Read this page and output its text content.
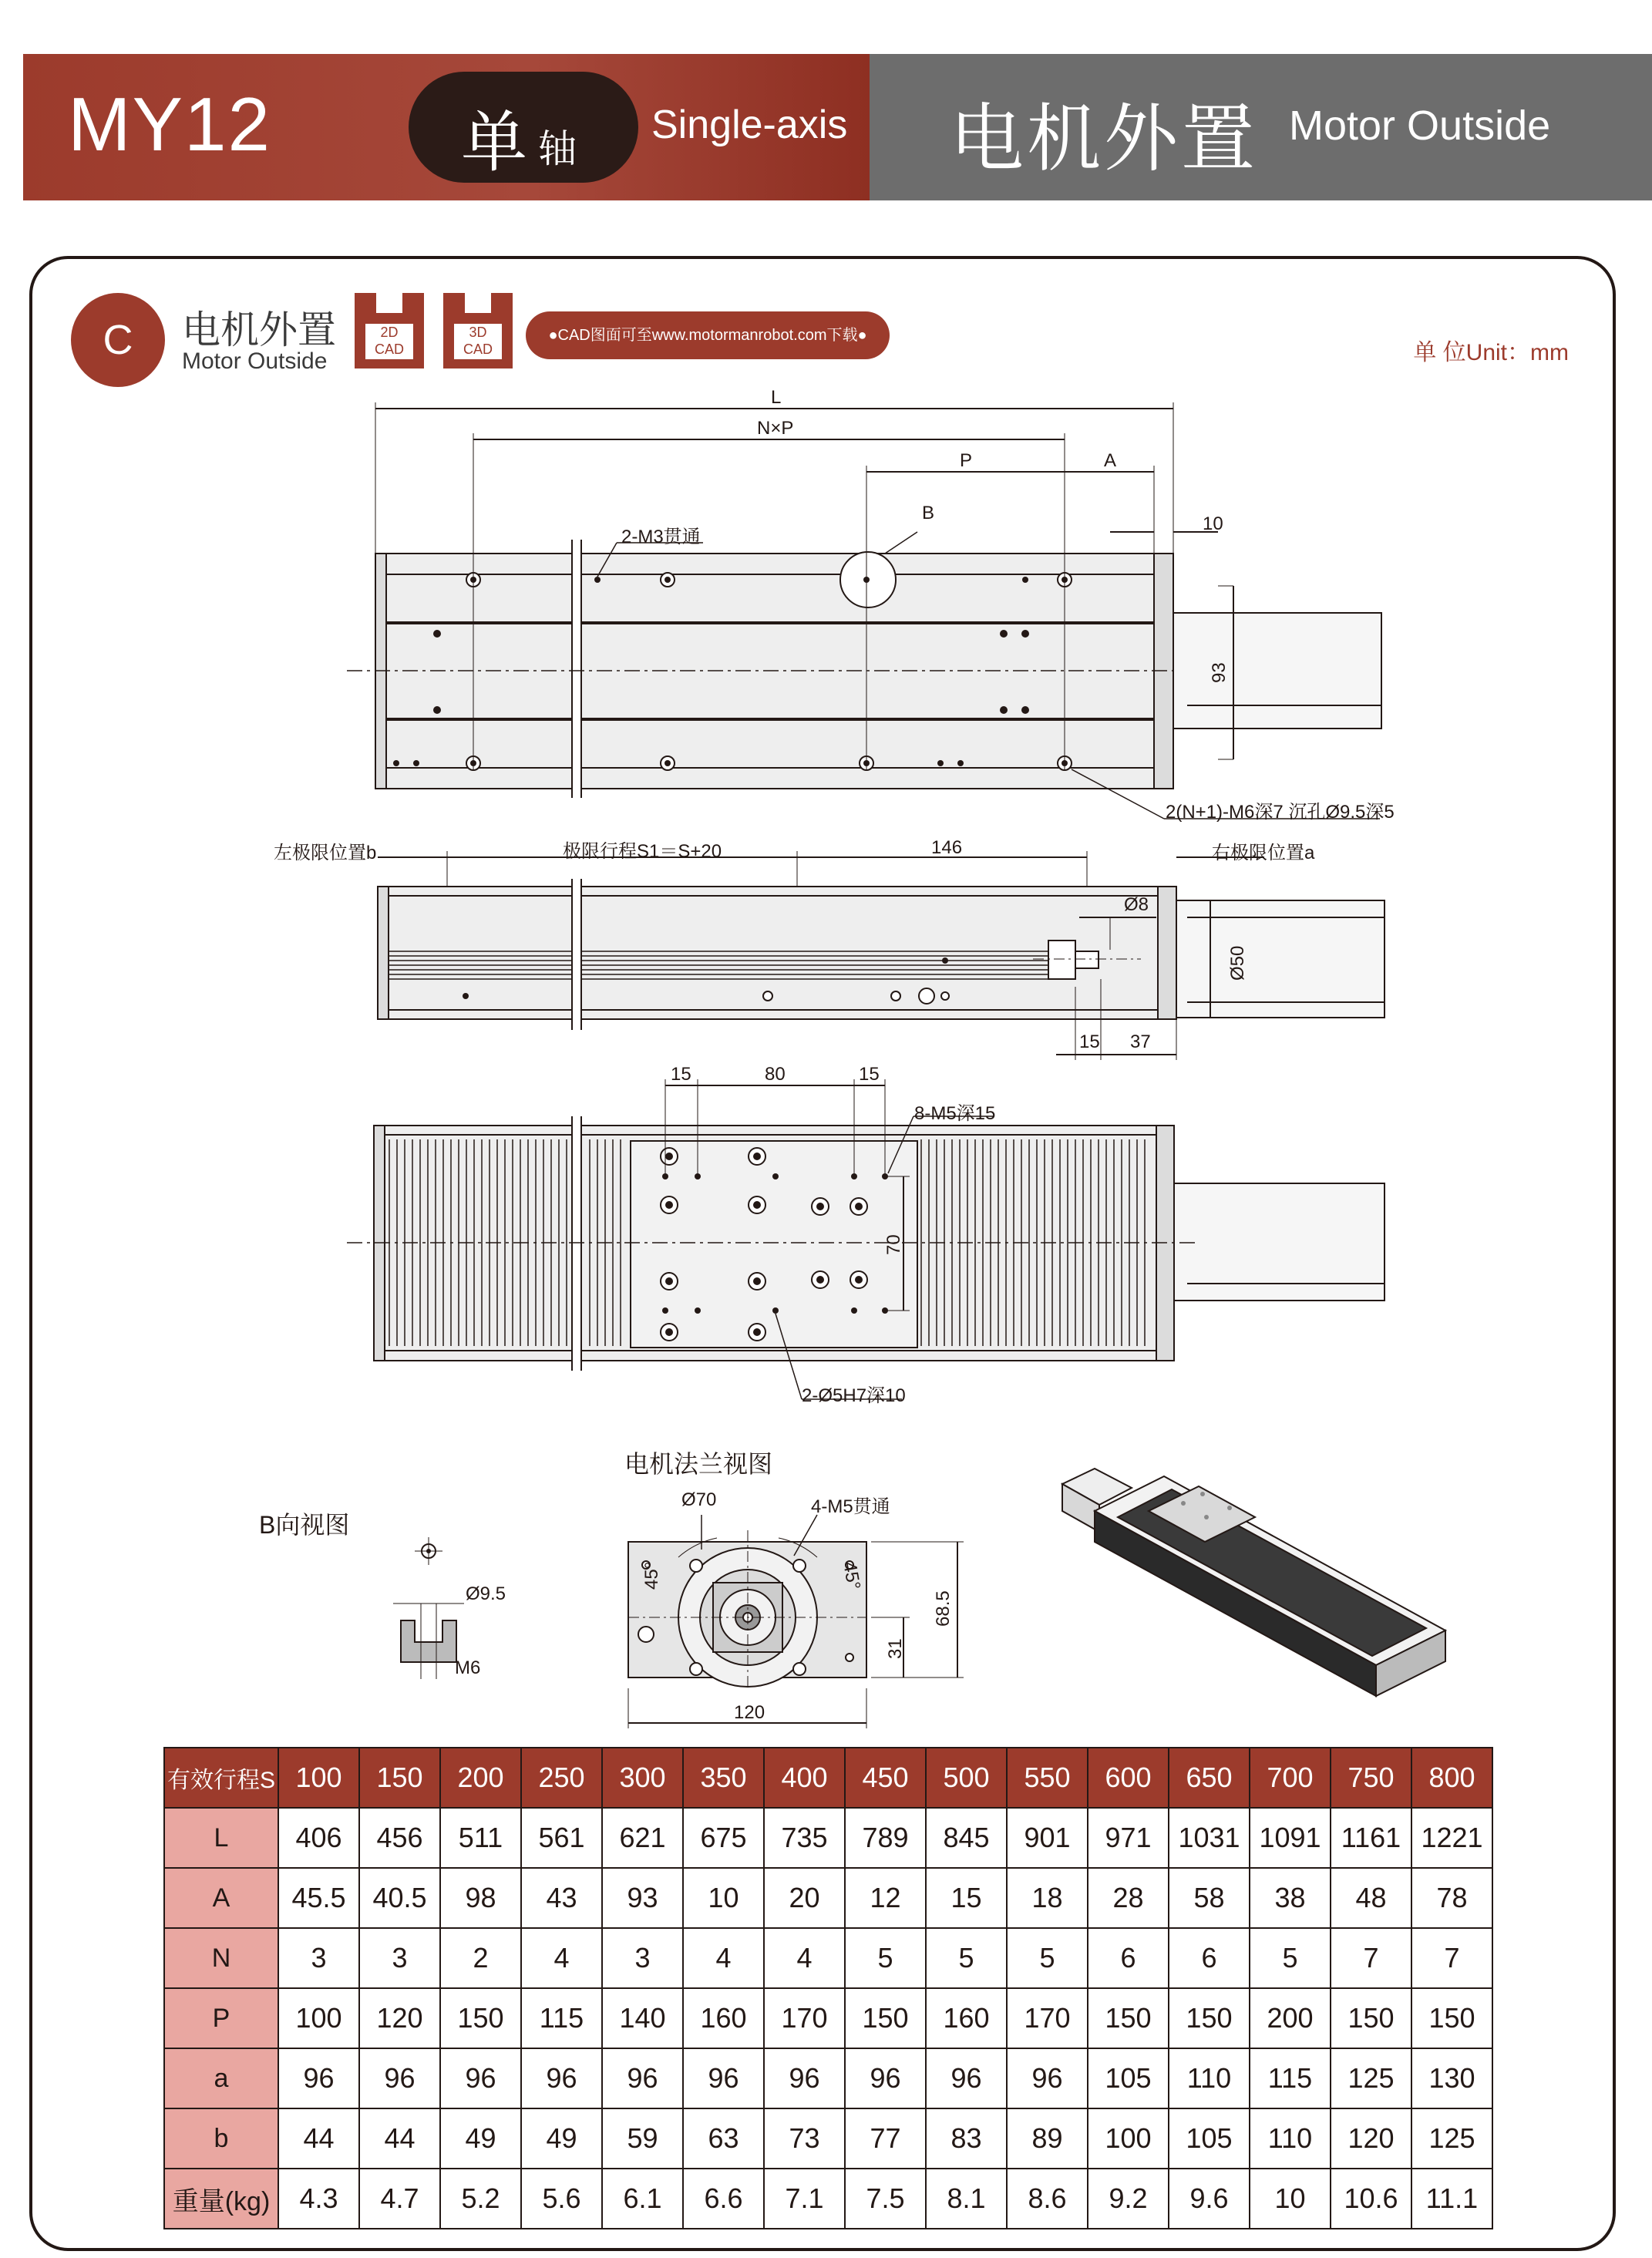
MY12	单 轴
Single-axis 电机外置 Motor Outside
C	电机外置
Motor Outside
2D
CAD
3D
CAD
●CAD图面可至www.motormanrobot.com下载●
单 位Unit：mm
L
N×P
P	A
B
10
93
2-M3贯通
2(N+1)-M6深7 沉孔Ø9.5深5
左极限位置b	极限行程S1＝S+20	146	右极限位置a
Ø8
Ø50
15 37
15	80	15
8-M5深15
70
2-Ø5H7深10
B向视图
Ø9.5
M6
电机法兰视图
Ø70	4-M5贯通
45°	45°
68.5
31
120
有效行程S	100	150	200	250	300	350	400	450	500	550	600	650	700	750	800
L	406	456	511	561	621	675	735	789	845	901	971	1031	1091	1161	1221
A	45.5	40.5	98	43	93	10	20	12	15	18	28	58	38	48	78
N	3	3	2	4	3	4	4	5	5	5	6	6	5	7	7
P	100	120	150	115	140	160	170	150	160	170	150	150	200	150	150
a	96	96	96	96	96	96	96	96	96	96	105	110	115	125	130
b	44	44	49	49	59	63	73	77	83	89	100	105	110	120	125
重量(kg)	4.3	4.7	5.2	5.6	6.1	6.6	7.1	7.5	8.1	8.6	9.2	9.6	10	10.6	11.1
